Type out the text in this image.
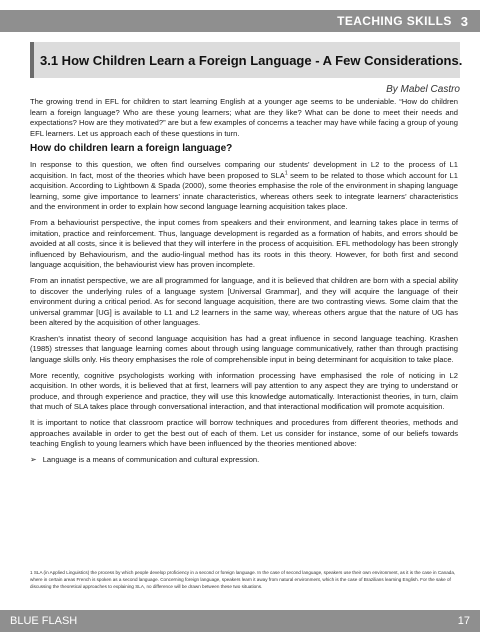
TEACHING SKILLS 3
3.1 How Children Learn a Foreign Language - A Few Considerations.
By Mabel Castro

The growing trend in EFL for children to start learning English at a younger age seems to be undeniable. “How do children learn a foreign language? Who are these young learners; what are they like? What can be done to meet their needs and expectations? How are they motivated?” are but a few examples of concerns a teacher may have while facing a group of young EFL learners. Let us approach each of these questions in turn.

How do children learn a foreign language?

In response to this question, we often find ourselves comparing our students’ development in L2 to the process of L1 acquisition. In fact, most of the theories which have been proposed to SLA$^1$ seem to be related to those which account for L1 acquisition. According to Lightbown & Spada (2000), some theories emphasise the role of the environment in shaping language learning, some give importance to learners’ innate characteristics, whereas others seek to integrate learners’ characteristics and the environment in order to explain how second language learning acquisition takes place.

From a behaviourist perspective, the input comes from speakers and their environment, and learning takes place in terms of imitation, practice and reinforcement. Thus, language development is regarded as a formation of habits, and errors should be avoided at all costs, since it is believed that they will interfere in the process of acquisition. EFL methodology has been strongly influenced by Behaviourism, and the audio-lingual method has its roots in this theory. However, for both first and second language acquisition, the behaviourist view has proven incomplete.

From an innatist perspective, we are all programmed for language, and it is believed that children are born with a special ability to discover the underlying rules of a language system [Universal Grammar], and they will acquire the language of their environment during a critical period. As for second language acquisition, there are two contrasting views. Some claim that the universal grammar [UG] is available to L1 and L2 learners in the same way, whereas others argue that the nature of UG has been altered by the acquisition of other languages.

Krashen’s innatist theory of second language acquisition has had a great influence in second language teaching. Krashen (1985) stresses that language learning comes about through using language communicatively, rather than through practising language skills only. His theory emphasises the role of comprehensible input in being determinant for acquisition to take place.

More recently, cognitive psychologists working with information processing have emphasised the role of noticing in L2 acquisition. In other words, it is believed that at first, learners will pay attention to any aspect they are trying to understand or produce, and through experience and practice, they will use this knowledge automatically. Interactionist theories, in turn, claim that much of SLA takes place through conversational interaction, and that interactional modification will promote acquisition.

It is important to notice that classroom practice will borrow techniques and procedures from different theories, methods and approaches available in order to get the best out of each of them. Let us consider for instance, some of our beliefs towards teaching English to young learners which have been influenced by the theories mentioned above:

➢ Language is a means of communication and cultural expression.
1 SLA (in Applied Linguistics) the process by which people develop proficiency in a second or foreign language. In the case of second language, speakers use their own environment, as it is the case in Canada, where in certain areas French is spoken as a second language. Concerning foreign language, speakers learn it away from natural environment, which is the case of Brazilians learning English. For the sake of discussing the theoretical approaches to explaining SLA, no difference will be drawn between these two situations.
BLUE FLASH	17
